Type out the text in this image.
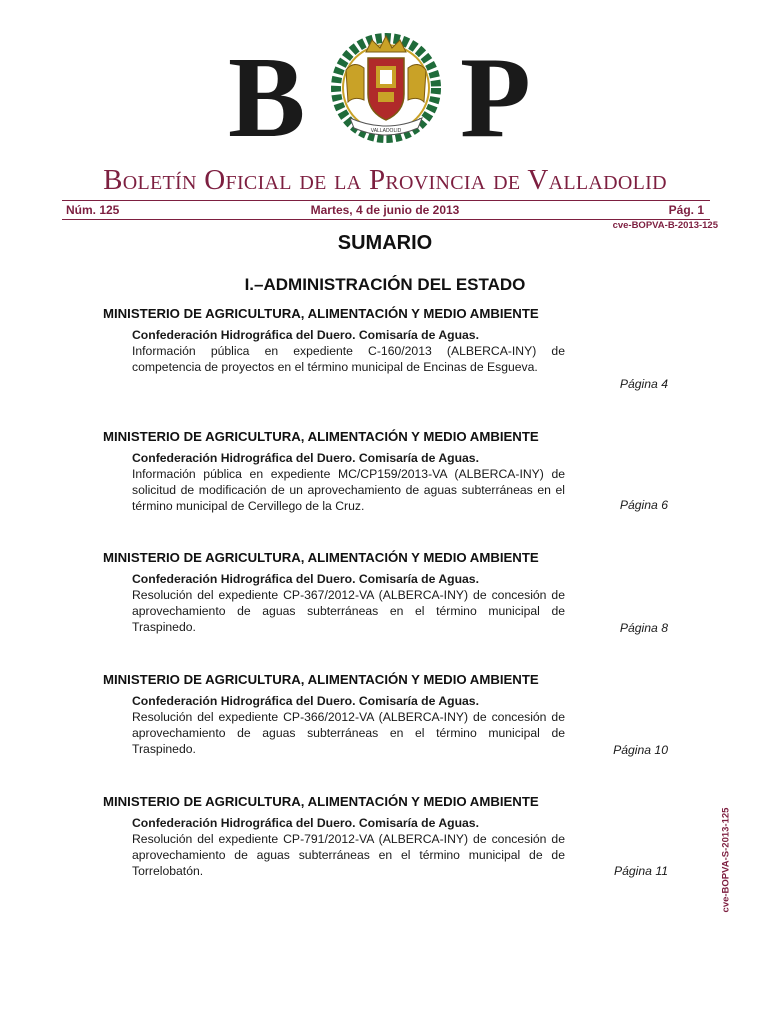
B	VALLADOLID P
Boletín Oficial de la Provincia de Valladolid
Martes, 4 de junio de 2013
Núm. 125	Pág. 1
cve-BOPVA-B-2013-125
SUMARIO
I.–ADMINISTRACIÓN DEL ESTADO
MINISTERIO DE AGRICULTURA, ALIMENTACIÓN Y MEDIO AMBIENTE
Confederación Hidrográfica del Duero. Comisaría de Aguas.
Información pública en expediente C-160/2013 (ALBERCA-INY) de competencia de proyectos en el término municipal de Encinas de Esgueva.
Página 4
MINISTERIO DE AGRICULTURA, ALIMENTACIÓN Y MEDIO AMBIENTE
Confederación Hidrográfica del Duero. Comisaría de Aguas.
Información pública en expediente MC/CP159/2013-VA (ALBERCA-INY) de solicitud de modificación de un aprovechamiento de aguas subterráneas en el término municipal de Cervillego de la Cruz.	Página 6
MINISTERIO DE AGRICULTURA, ALIMENTACIÓN Y MEDIO AMBIENTE
Confederación Hidrográfica del Duero. Comisaría de Aguas.
Resolución del expediente CP-367/2012-VA (ALBERCA-INY) de concesión de aprovechamiento de aguas subterráneas en el término municipal de Traspinedo.	Página 8
MINISTERIO DE AGRICULTURA, ALIMENTACIÓN Y MEDIO AMBIENTE
Confederación Hidrográfica del Duero. Comisaría de Aguas.
Resolución del expediente CP-366/2012-VA (ALBERCA-INY) de concesión de aprovechamiento de aguas subterráneas en el término municipal de Traspinedo.	Página 10
MINISTERIO DE AGRICULTURA, ALIMENTACIÓN Y MEDIO AMBIENTE
Confederación Hidrográfica del Duero. Comisaría de Aguas.
Resolución del expediente CP-791/2012-VA (ALBERCA-INY) de concesión de aprovechamiento de aguas subterráneas en el término municipal de de Torrelobatón.	Página 11	cve-BOPVA-S-2013-125
